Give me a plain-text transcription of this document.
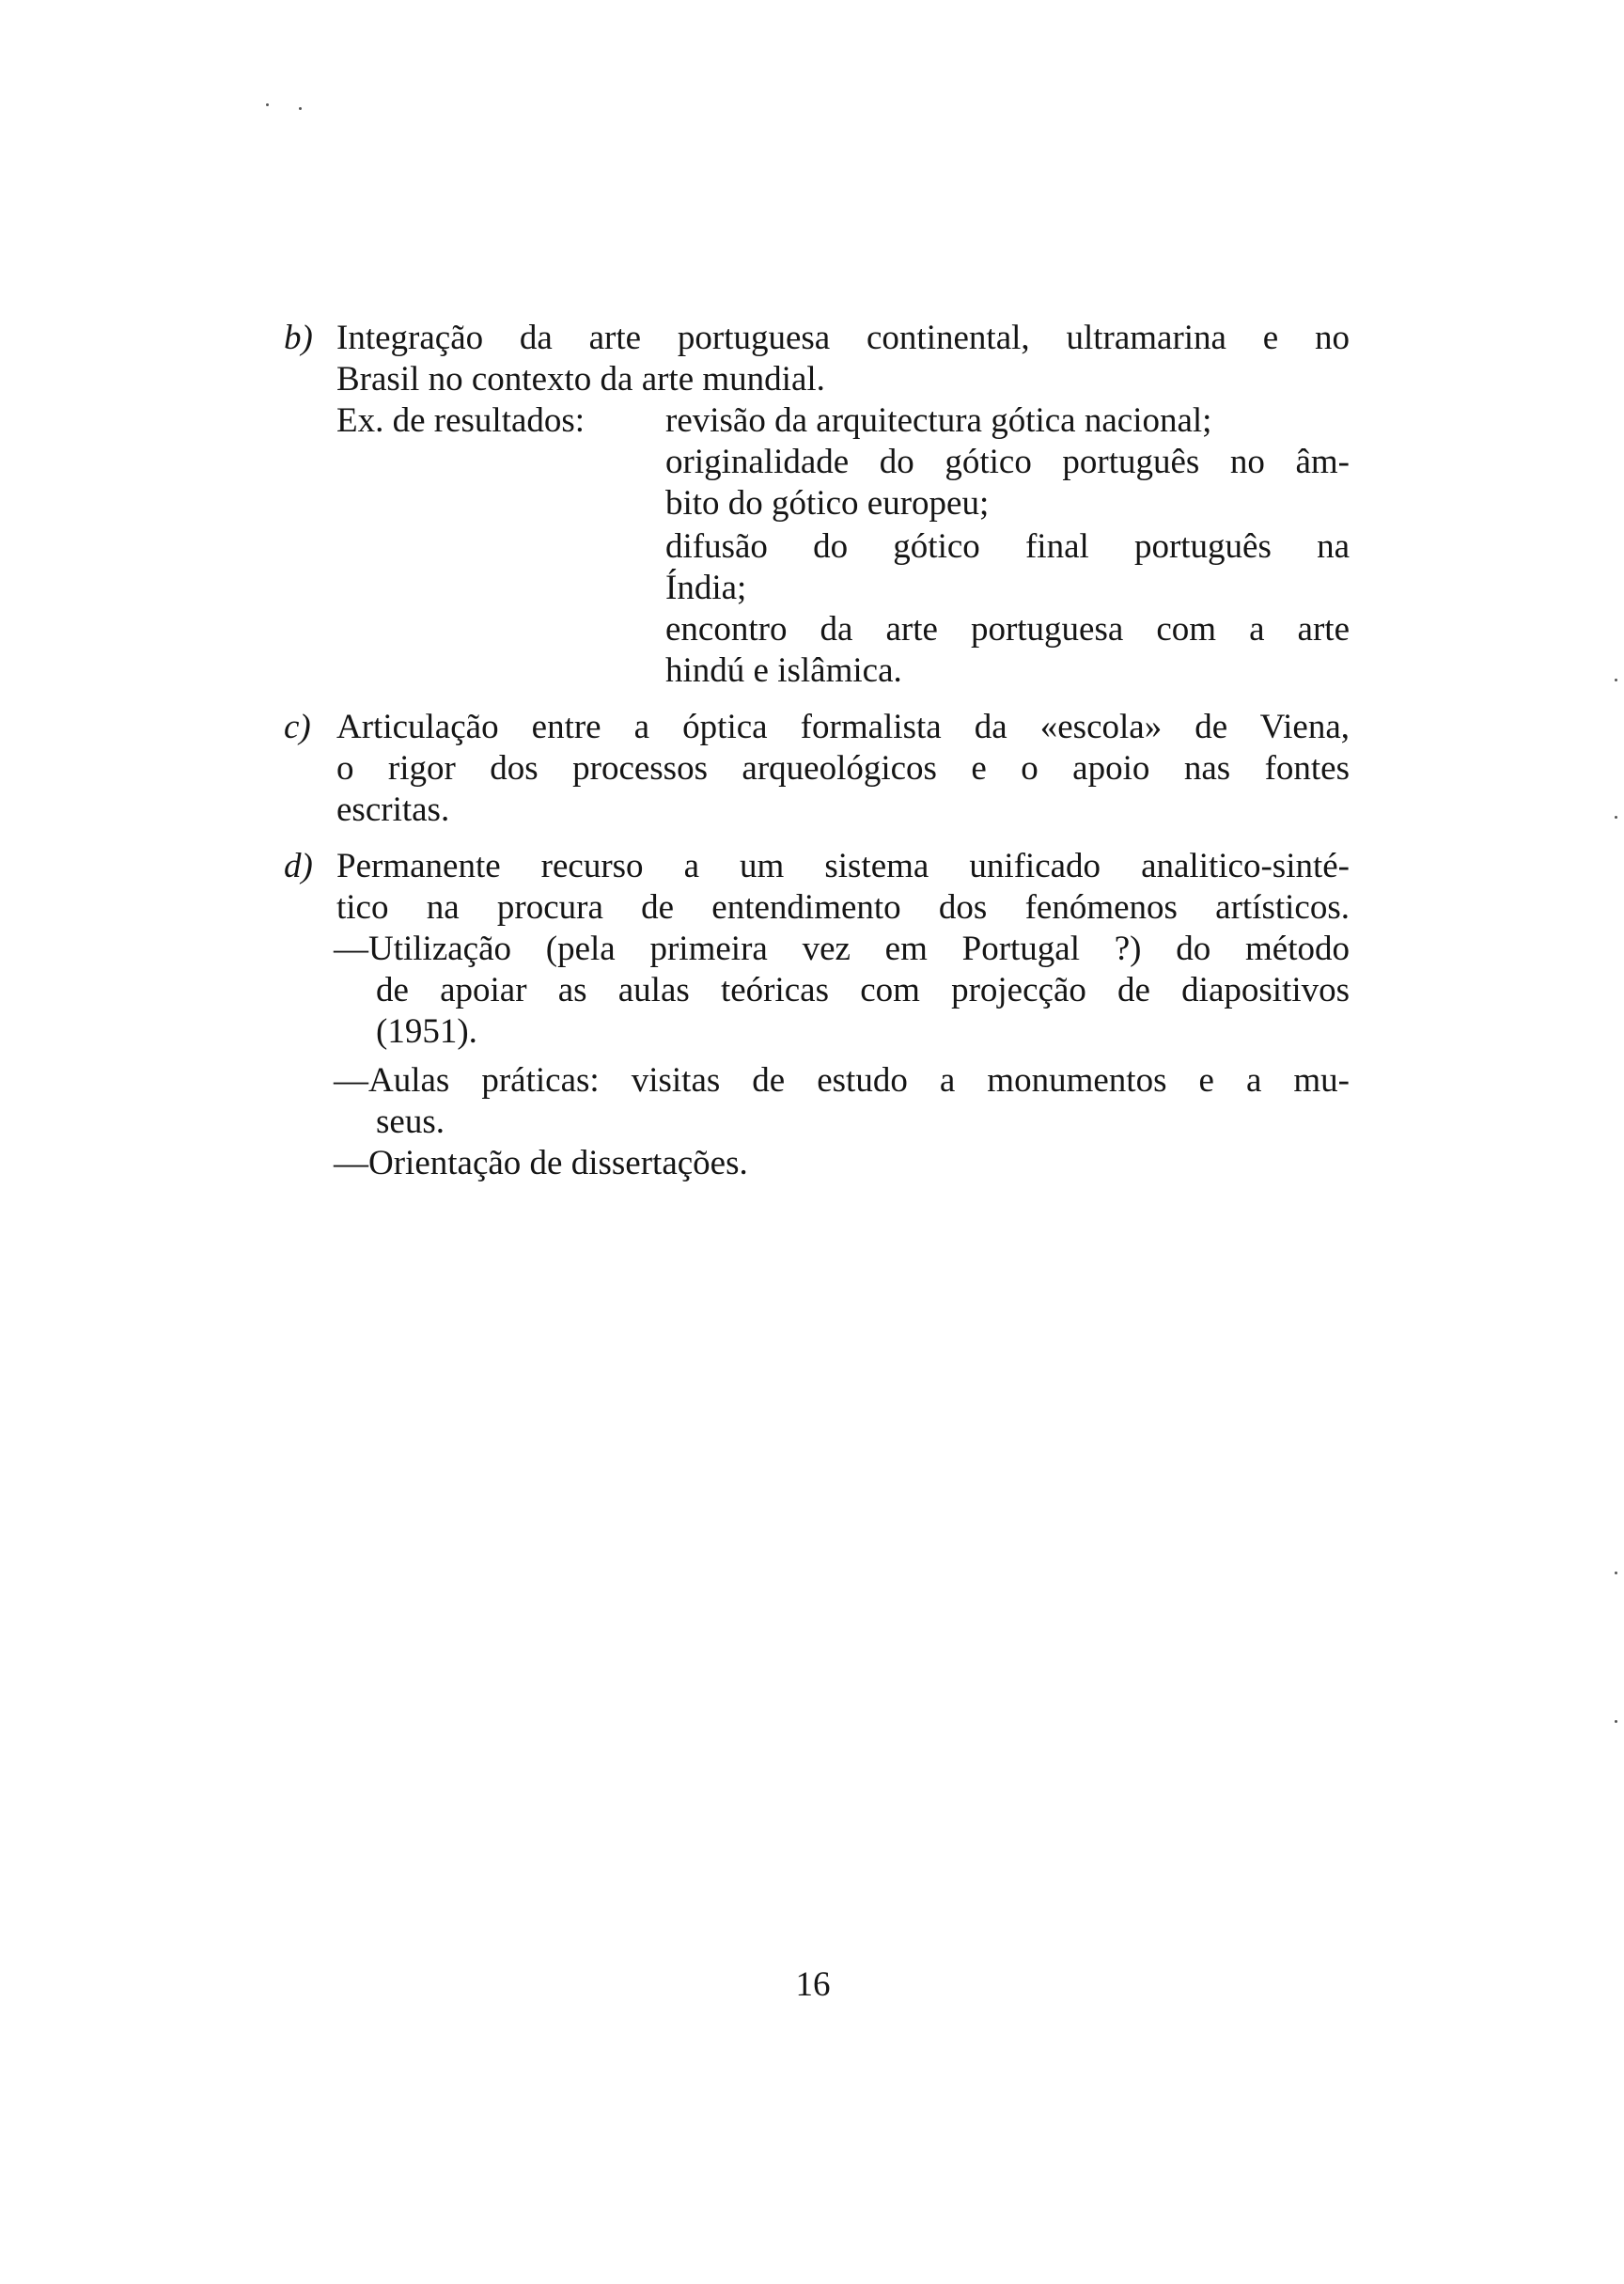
b) Integração da arte portuguesa continental, ultramarina e no
Brasil no contexto da arte mundial.
Ex. de resultados: revisão da arquitectura gótica nacional;
originalidade do gótico português no âm-
bito do gótico europeu;
difusão do gótico final português na
Índia;
encontro da arte portuguesa com a arte
hindú e islâmica.
c) Articulação entre a óptica formalista da «escola» de Viena,
o rigor dos processos arqueológicos e o apoio nas fontes
escritas.
d) Permanente recurso a um sistema unificado analitico-sinté-
tico na procura de entendimento dos fenómenos artísticos.
—Utilização (pela primeira vez em Portugal ?) do método
de apoiar as aulas teóricas com projecção de diapositivos
(1951).
—Aulas práticas: visitas de estudo a monumentos e a mu-
seus.
—Orientação de dissertações.
16
